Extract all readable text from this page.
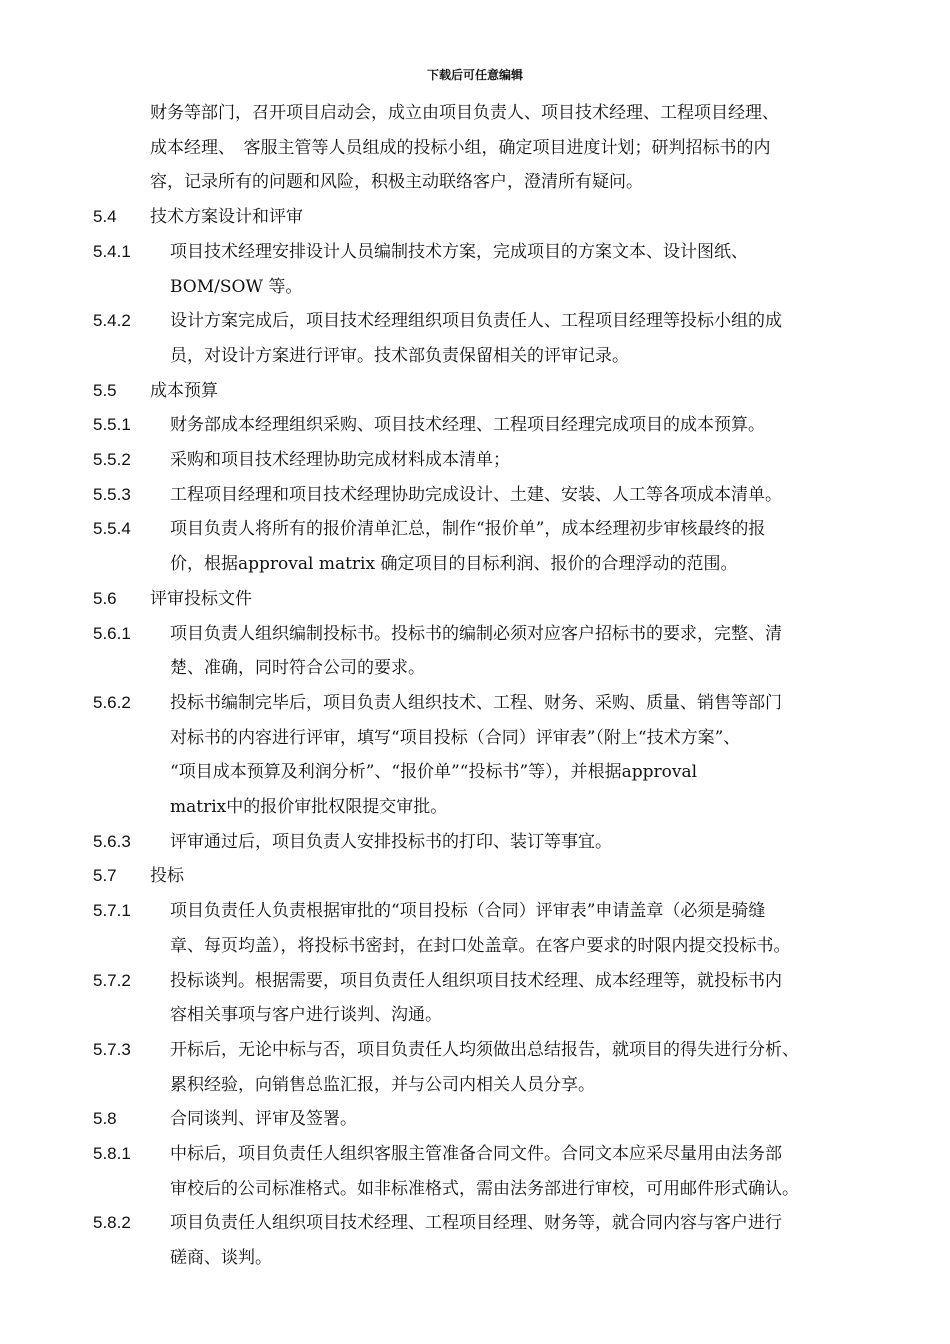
下载后可任意编辑
财务等部门，召开项目启动会，成立由项目负责人、项目技术经理、工程项目经理、
成本经理、　客服主管等人员组成的投标小组，确定项目进度计划；研判招标书的内
容，记录所有的问题和风险，积极主动联络客户，澄清所有疑问。
5.4 技术方案设计和评审
5.4.1 项目技术经理安排设计人员编制技术方案，完成项目的方案文本、设计图纸、
BOM/SOW 等。
5.4.2 设计方案完成后，项目技术经理组织项目负责任人、工程项目经理等投标小组的成
员，对设计方案进行评审。技术部负责保留相关的评审记录。
5.5 成本预算
5.5.1 财务部成本经理组织采购、项目技术经理、工程项目经理完成项目的成本预算。
5.5.2 采购和项目技术经理协助完成材料成本清单；
5.5.3 工程项目经理和项目技术经理协助完成设计、土建、安装、人工等各项成本清单。
5.5.4 项目负责人将所有的报价清单汇总，制作“报价单”，成本经理初步审核最终的报
价，根据approval matrix 确定项目的目标利润、报价的合理浮动的范围。
5.6 评审投标文件
5.6.1 项目负责人组织编制投标书。投标书的编制必须对应客户招标书的要求，完整、清
楚、准确，同时符合公司的要求。
5.6.2 投标书编制完毕后，项目负责人组织技术、工程、财务、采购、质量、销售等部门
对标书的内容进行评审，填写“项目投标（合同）评审表”（附上“技术方案”、
“项目成本预算及利润分析”、“报价单”“投标书”等），并根据approval
matrix中的报价审批权限提交审批。
5.6.3 评审通过后，项目负责人安排投标书的打印、装订等事宜。
5.7 投标
5.7.1 项目负责任人负责根据审批的“项目投标（合同）评审表”申请盖章（必须是骑缝
章、每页均盖），将投标书密封，在封口处盖章。在客户要求的时限内提交投标书。
5.7.2 投标谈判。根据需要，项目负责任人组织项目技术经理、成本经理等，就投标书内
容相关事项与客户进行谈判、沟通。
5.7.3 开标后，无论中标与否，项目负责任人均须做出总结报告，就项目的得失进行分析、
累积经验，向销售总监汇报，并与公司内相关人员分享。
5.8	合同谈判、评审及签署。
5.8.1 中标后，项目负责任人组织客服主管准备合同文件。合同文本应采尽量用由法务部
审校后的公司标准格式。如非标准格式，需由法务部进行审校，可用邮件形式确认。
5.8.2 项目负责任人组织项目技术经理、工程项目经理、财务等，就合同内容与客户进行
磋商、谈判。
